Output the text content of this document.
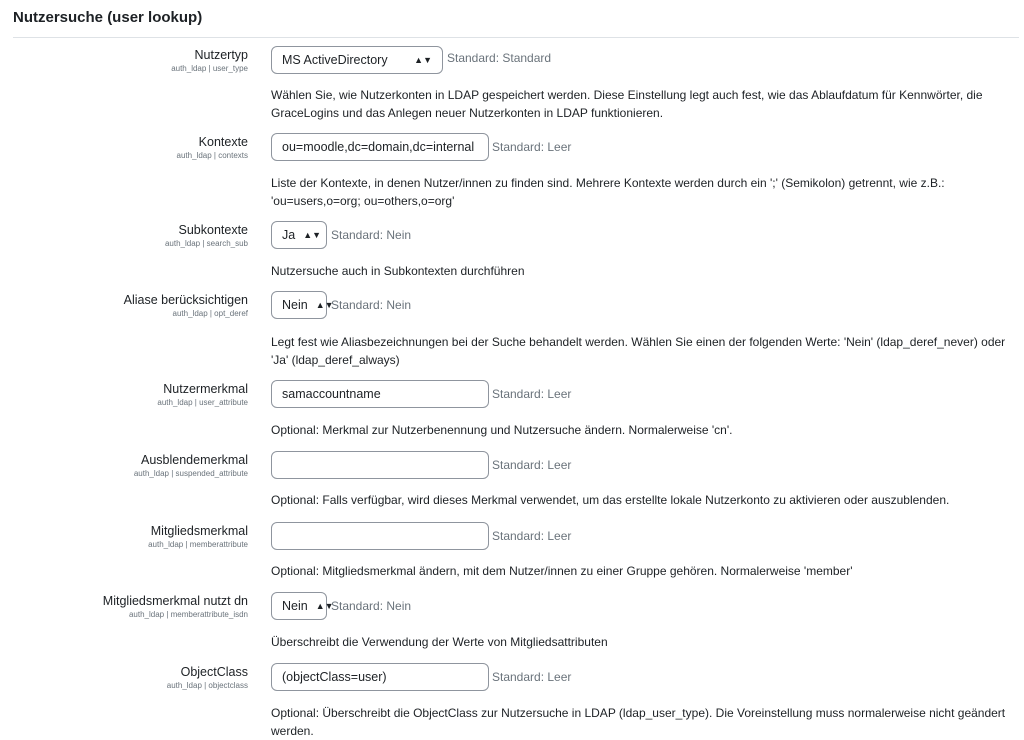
Nutzersuche (user lookup)
Nutzertyp
auth_ldap | user_type
MS ActiveDirectory	▲▼ Standard: Standard
Wählen Sie, wie Nutzerkonten in LDAP gespeichert werden. Diese Einstellung legt auch fest, wie das Ablaufdatum für Kennwörter, die GraceLogins und das Anlegen neuer Nutzerkonten in LDAP funktionieren.
Kontexte
auth_ldap | contexts
ou=moodle,dc=domain,dc=internal Standard: Leer
Liste der Kontexte, in denen Nutzer/innen zu finden sind. Mehrere Kontexte werden durch ein ';' (Semikolon) getrennt, wie z.B.: 'ou=users,o=org; ou=others,o=org'
Subkontexte
auth_ldap | search_sub
Ja ▲▼ Standard: Nein
Nutzersuche auch in Subkontexten durchführen
Aliase berücksichtigen
auth_ldap | opt_deref
Nein ▲▼
Standard: Nein
Legt fest wie Aliasbezeichnungen bei der Suche behandelt werden. Wählen Sie einen der folgenden Werte: 'Nein' (ldap_deref_never) oder 'Ja' (ldap_deref_always)
Nutzermerkmal
auth_ldap | user_attribute
samaccountname	Standard: Leer
Optional: Merkmal zur Nutzerbenennung und Nutzersuche ändern. Normalerweise 'cn'.
Ausblendemerkmal
auth_ldap | suspended_attribute
Standard: Leer
Optional: Falls verfügbar, wird dieses Merkmal verwendet, um das erstellte lokale Nutzerkonto zu aktivieren oder auszublenden.
Mitgliedsmerkmal
auth_ldap | memberattribute
Standard: Leer
Optional: Mitgliedsmerkmal ändern, mit dem Nutzer/innen zu einer Gruppe gehören. Normalerweise 'member'
Mitgliedsmerkmal nutzt dn
auth_ldap | memberattribute_isdn
Nein ▲▼
Standard: Nein
Überschreibt die Verwendung der Werte von Mitgliedsattributen
ObjectClass
auth_ldap | objectclass
(objectClass=user)	Standard: Leer
Optional: Überschreibt die ObjectClass zur Nutzersuche in LDAP (ldap_user_type). Die Voreinstellung muss normalerweise nicht geändert werden.
